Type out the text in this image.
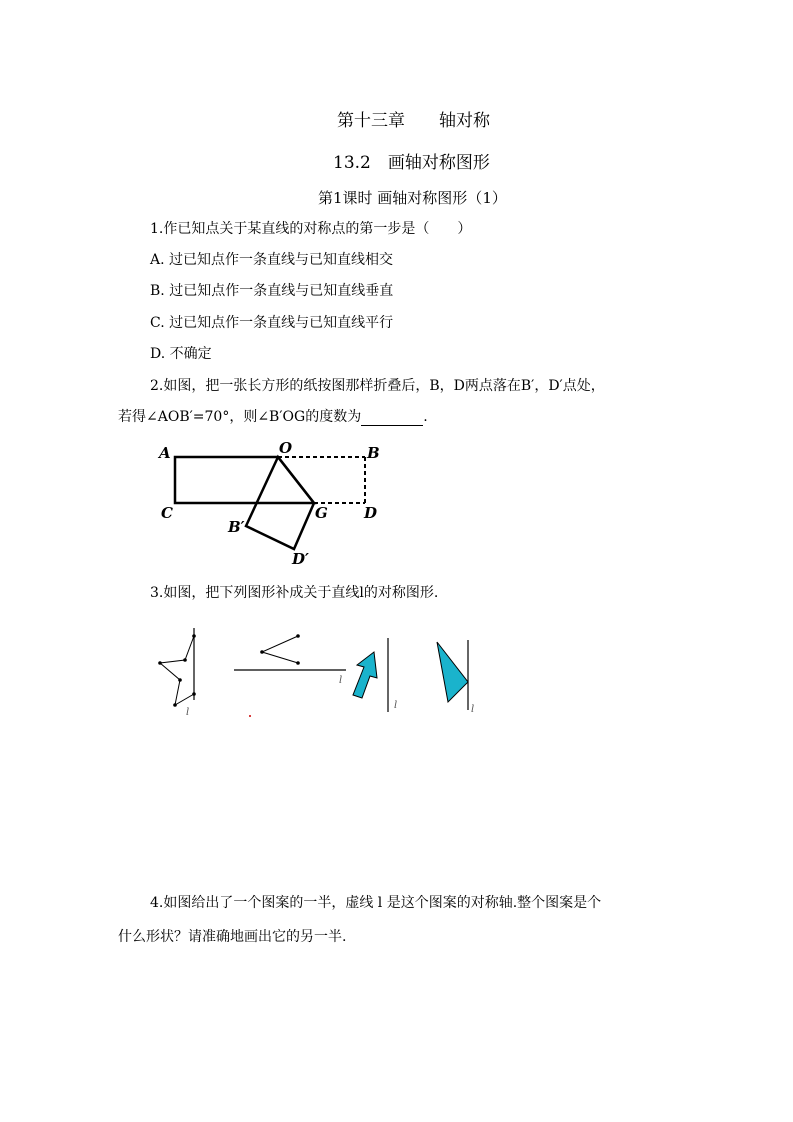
第十三章　　轴对称
13.2　画轴对称图形
第1课时 画轴对称图形（1）
1.作已知点关于某直线的对称点的第一步是（　　）
A. 过已知点作一条直线与已知直线相交
B. 过已知点作一条直线与已知直线垂直
C. 过已知点作一条直线与已知直线平行
D. 不确定
2.如图，把一张长方形的纸按图那样折叠后，B，D两点落在B′，D′点处，
若得∠AOB′=70°，则∠B′OG的度数为	.
A	O	B
C	G D
B′
D′
3.如图，把下列图形补成关于直线l的对称图形.
l
l
l	l
4.如图给出了一个图案的一半，虚线 l 是这个图案的对称轴.整个图案是个
什么形状？请准确地画出它的另一半.
